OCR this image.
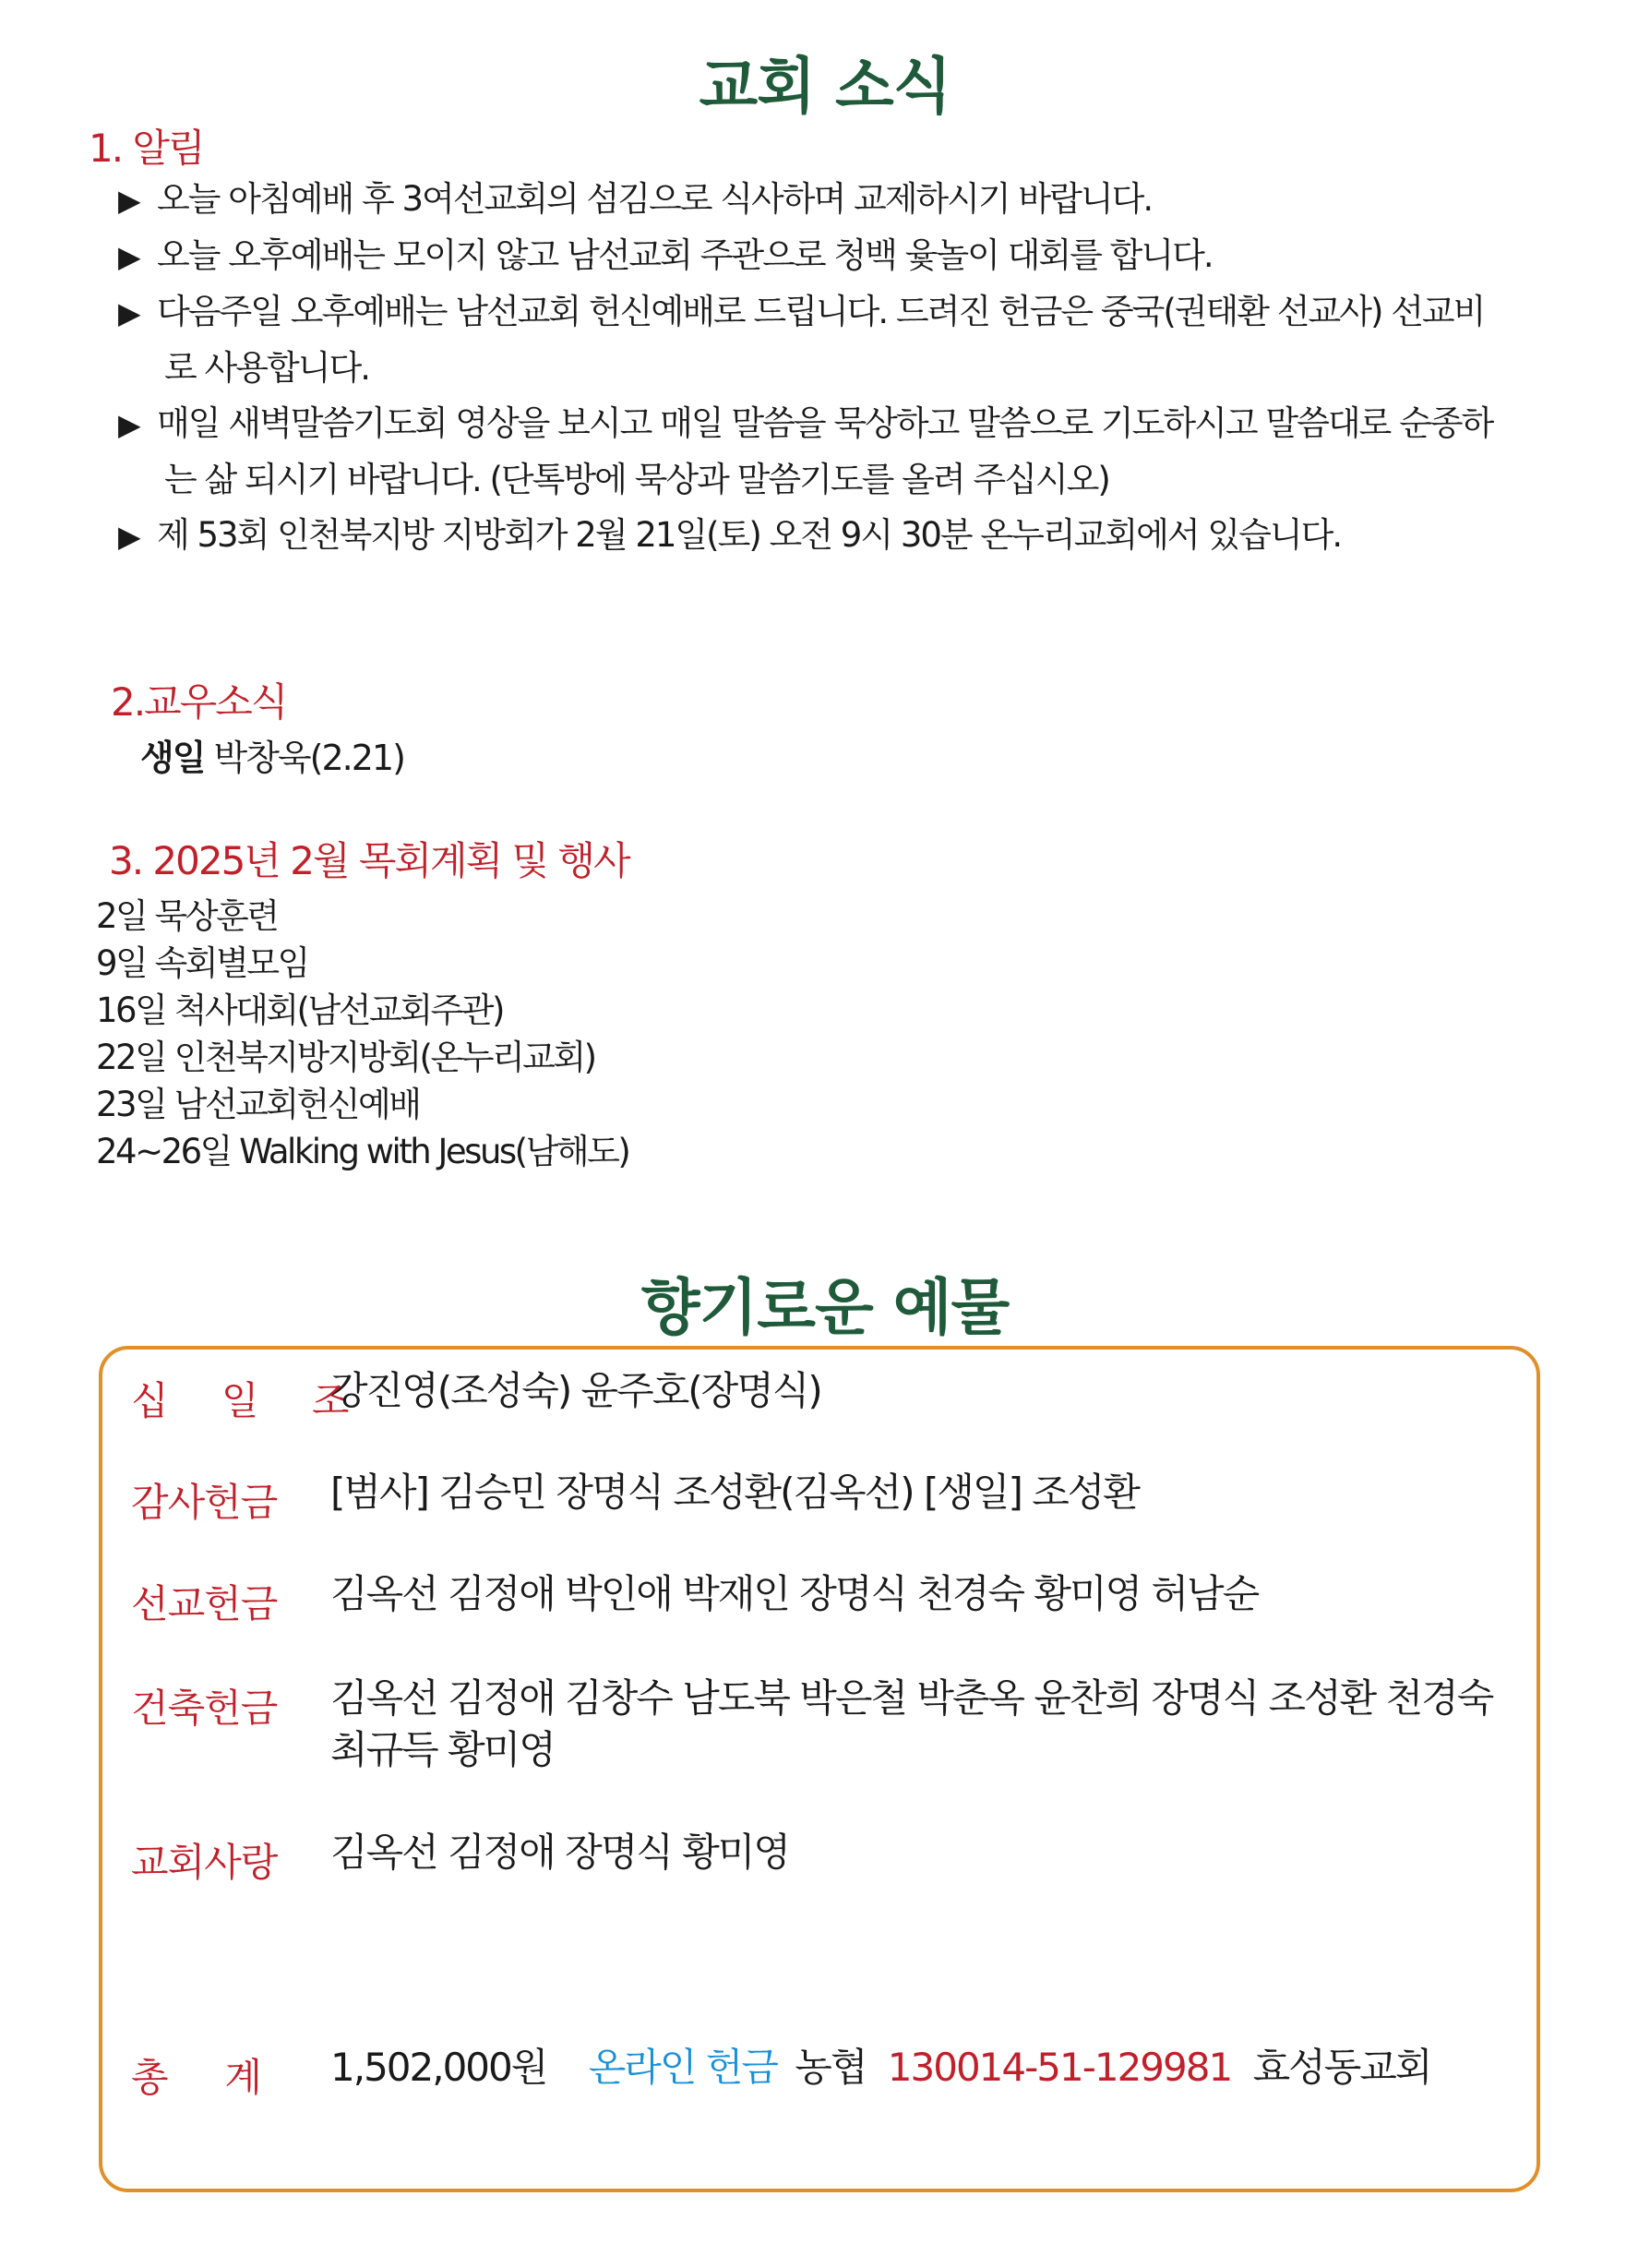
교회 소식
1. 알림
▶ 오늘 아침예배 후 3여선교회의 섬김으로 식사하며 교제하시기 바랍니다.
▶ 오늘 오후예배는 모이지 않고 남선교회 주관으로 청백 윷놀이 대회를 합니다.
▶ 다음주일 오후예배는 남선교회 헌신예배로 드립니다. 드려진 헌금은 중국(권태환 선교사) 선교비
로 사용합니다.
▶ 매일 새벽말씀기도회 영상을 보시고 매일 말씀을 묵상하고 말씀으로 기도하시고 말씀대로 순종하
는 삶 되시기 바랍니다. (단톡방에 묵상과 말씀기도를 올려 주십시오)
▶ 제 53회 인천북지방 지방회가 2월 21일(토) 오전 9시 30분 온누리교회에서 있습니다.
2.교우소식
생일 박창욱(2.21)
3. 2025년 2월 목회계획 및 행사
2일 묵상훈련
9일 속회별모임
16일 척사대회(남선교회주관)
22일 인천북지방지방회(온누리교회)
23일 남선교회헌신예배
24~26일 Walking with Jesus(남해도)
향기로운 예물
십 일 조
강진영(조성숙) 윤주호(장명식)
감사헌금 [범사] 김승민 장명식 조성환(김옥선) [생일] 조성환
선교헌금 김옥선 김정애 박인애 박재인 장명식 천경숙 황미영 허남순
건축헌금 김옥선 김정애 김창수 남도북 박은철 박춘옥 윤찬희 장명식 조성환 천경숙
최규득 황미영
교회사랑 김옥선 김정애 장명식 황미영
총     계 1,502,000원 온라인 헌금 농협 130014-51-129981 효성동교회
